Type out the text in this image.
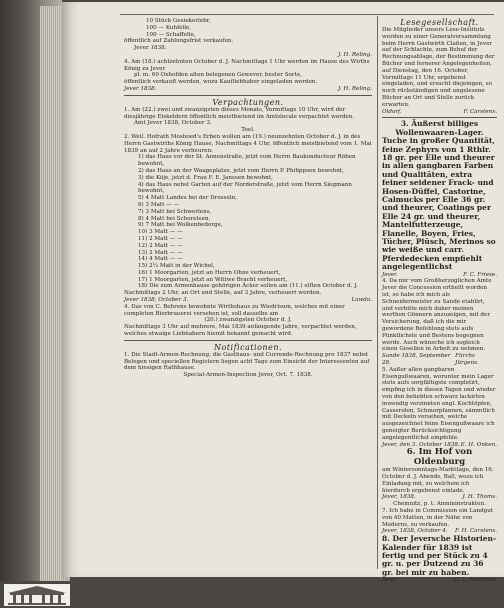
10 Stück Gesiekerlebr,

100 — Kuhfelle,

100 — Schaffelle,

öffentlich auf Zahlungsfrist verkaufen.

Jever 1838.

J. H. Reling.

4. Am (18.) achtzehnten October d. J. Nachmittags 1 Uhr werden im Hause des Wirths König zu Jever

pl. m. 60 Oxhofden alten belegenen Gewever, bester Sorte,

öffentlich verkauft werden, wozu Kaufliebhaber eingeladen werden.

Jever 1838.	J. H. Reling.

Verpachtungen.

1. Am (22.) zwei und zwanzigsten dieses Monats, Vormittags 10 Uhr, wird der diesjährige Eiskeldern öffentlich meistbietend im Amtslocale verpachtet werden.

Amt Jever 1838, October 3.

Toel.

2. Weil. Hofrath Moshoed's Erben wollen am (19.) neunzehnten October d. J. in des Herrn Gastwirths König Hause, Nachmittags 4 Uhr, öffentlich meistbietend vom 1. Mai 1839 an auf 2 Jahre verheuren:

1) das Haus vor der St. Annenstraße, jetzt vom Herrn Baukonducteur Röben bewohnt,

2) das Haus an der Waageplatze, jetzt vom Herrn P. Philippsen bewohnt,

3) die Köje, jetzt d. Frau F. E. Janssen bewohnt,

4) das Haus nebst Garten auf der Norderstraße, jetzt vom Herrn Siegmann bewohnt,

5) 4 Matt Landes bei der Drosseln,

6) 3 Matt — —

7) 3 Matt bei Schwerlens,

8) 4 Matt bei Schoreleen,

9) 7 Matt bei Wolkenbedorge,

10) 3 Matt — —

11) 2 Matt — —

12) 2 Matt — —

13) 2 Matt — —

14) 4 Matt — —

15) 2¼ Matt in der Wichel,

16) 1 Moorgarten, jetzt an Herrn Ohne verheuert,

17) 1 Moorgarten, jetzt an Wittwe Bracht verheuert,

18) Die zum Armenhause gehörigen Äcker sollen am (11.) elften October d. J.

Nachmittags 2 Uhr, an Ort und Stelle, auf 3 Jahre, verheuert werden.

Jever 1838, October 3.	Lawda.

4. Das von C. Behrens bewohnte Wirthshaus zu Wiedrisum, welches mit einer completen Bierbrauerei versehen ist, soll dasselbe am

(20.) zwanzigsten October d. J.

Nachmittags 3 Uhr auf mehrere, Mai 1839 anfangende Jahre, verpachtet werden, welches etwaige Liebhabern hiemit bekannt gemacht wird.

Notificationen.

1. Die Stadt-Armen-Rechnung, die Gasthaus- und Currende-Rechnung pro 1837 nebst Belegen und speciellen Registern liegen acht Tage zum Einsicht der Interessenten auf dem hiesigen Rathhause.

Special-Armen-Inspection Jever, Oct. 7. 1838.

Lesegesellschaft.

Die Mitglieder unsers Lese-Instituts werden zu einer Generalversammlung beim Herrn Gastwirth Claßen, in Jever auf der Schlachte, zum Behuf der Rechnungsablage, der Bestimmung der Bücher und fernerer Angelegenheiten, auf Dienstag, den 16. October, Vormittags 11 Uhr, ergebenst eingeladen, und ersucht diejenigen, so noch rückständigen und ungelesene Bücher an Ort und Stelle zurück erwarten.

Oldorf.	F. Carstens.

3. Äußerst billiges Wollenwaaren-Lager.

Tuche in großer Quantität, feine Zephyrs von 1 Rthlr. 18 gr. per Elle und theurer in allen gangbaren Farben und Qualitäten, extra feiner seidener Frack- und Hosen-Düffel, Castorine, Calmucks per Elle 36 gr. und theurer, Coatings per Elle 24 gr. und theurer, Mantelfutterzeuge, Flanelle, Boyen, Fries, Tücher, Plüsch, Merinos so wie weiße und carr. Pferdedecken empfiehlt angelegentlichst

Jever.	F. C. Friese.

4. Da mir vom Großherzoglichen Amte Jever die Concession ertheilt worden ist, so habe ich mich als Schneidermeister zu Sande etablirt, und verbitte mich daher meinen werthen Gönnern anzuzeigen, mit der Versicherung, daß ich die mir gewordene Befehlung stets aufs Pünktlichste und Bestens begegnen werde. Auch wünsche ich sogleich einen Gesellen in Arbeit zu nehmen.

Sande 1838, September 28.
Fürchs Jürgens.

5. Außer allen gangbaren Eisengußwaaren, worunter mein Lager stets aufs sorgfältigste completirt, empfing ich in diesen Tagen und wieder von den beliebten schwarz lackirten inwendig verzinnten engl. Kochtöpfen, Casserolen, Schmorpfannen, sämmtlich mit Deckeln versehen, welche ausgezeichnet feine Eisengußwaare ich geneigter Berücksichtigung angelegentlichst empfehle.

Jever, den 3. October 1838. E. H. Onken.

6. Im Hof von Oldenburg

am Wintersonntags-Markttage, den 16. October d. J. Abends, Ball, wozu ich Einladung mit, zu welchem ich hierdurch ergebenst einlade.

Jever, 1838.	J. H. Thoms.

Chemnitz, p. t. Amnininstrakten.

7. Ich habe in Commission ein Landgut von 40 Matten, in der Nähe von Mederns, zu verkaufen.

Jever, 1838, October 4. F. H. Carstens.

8. Der Jeversche Historien-Kalender für 1839 ist fertig und per Stück zu 4 gr. u. per Dutzend zu 36 gr. bei mir zu haben.
